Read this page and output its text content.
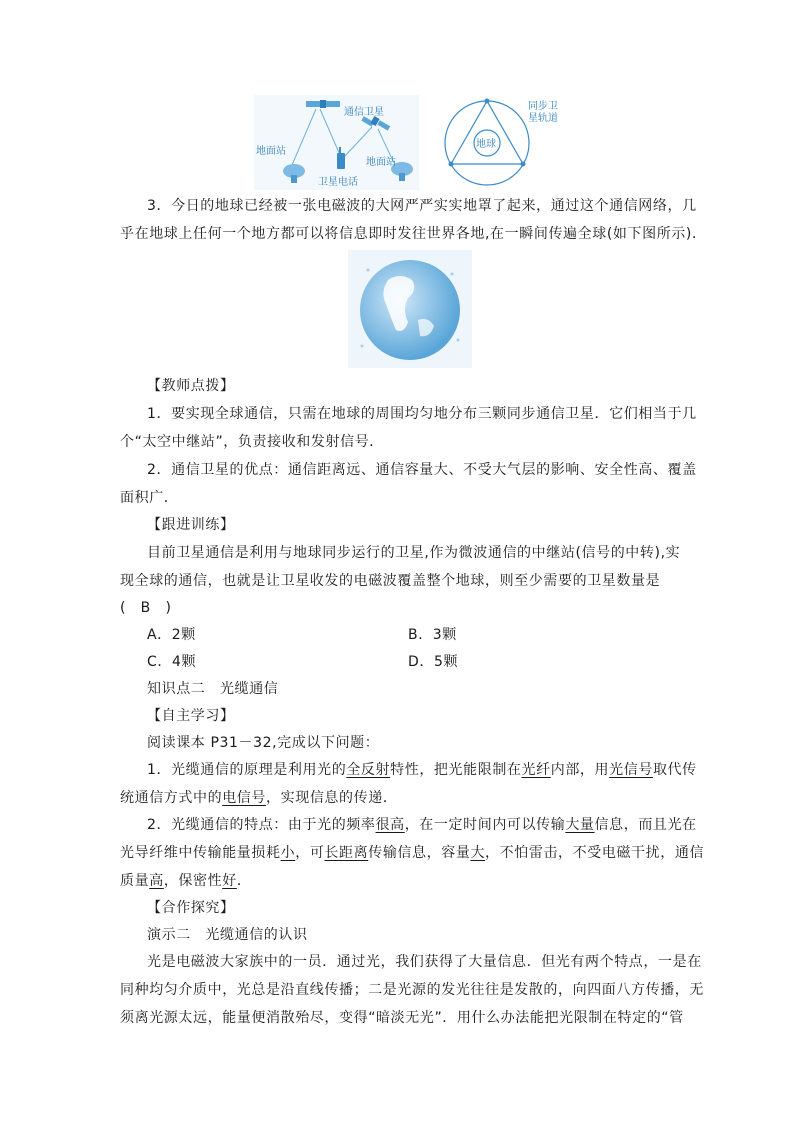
通信卫星
地面站
地面站
卫星电话
地球
同步卫
星轨道
3．今日的地球已经被一张电磁波的大网严严实实地罩了起来，通过这个通信网络，几
乎在地球上任何一个地方都可以将信息即时发往世界各地,在一瞬间传遍全球(如下图所示)．
【教师点拨】
1．要实现全球通信，只需在地球的周围均匀地分布三颗同步通信卫星．它们相当于几
个“太空中继站”，负责接收和发射信号．
2．通信卫星的优点：通信距离远、通信容量大、不受大气层的影响、安全性高、覆盖
面积广．
【跟进训练】
目前卫星通信是利用与地球同步运行的卫星,作为微波通信的中继站(信号的中转),实
现全球的通信，也就是让卫星收发的电磁波覆盖整个地球，则至少需要的卫星数量是
(　B　)
A．2颗	B．3颗
C．4颗	D．5颗
知识点二　光缆通信
【自主学习】
阅读课本 P31－32,完成以下问题：
1．光缆通信的原理是利用光的全反射特性，把光能限制在光纤内部，用光信号取代传
统通信方式中的电信号，实现信息的传递．
2．光缆通信的特点：由于光的频率很高，在一定时间内可以传输大量信息，而且光在
光导纤维中传输能量损耗小，可长距离传输信息，容量大，不怕雷击，不受电磁干扰，通信
质量高，保密性好．
【合作探究】
演示二　光缆通信的认识
光是电磁波大家族中的一员．通过光，我们获得了大量信息．但光有两个特点，一是在
同种均匀介质中，光总是沿直线传播；二是光源的发光往往是发散的，向四面八方传播，无
须离光源太远，能量便消散殆尽，变得“暗淡无光”．用什么办法能把光限制在特定的“管
